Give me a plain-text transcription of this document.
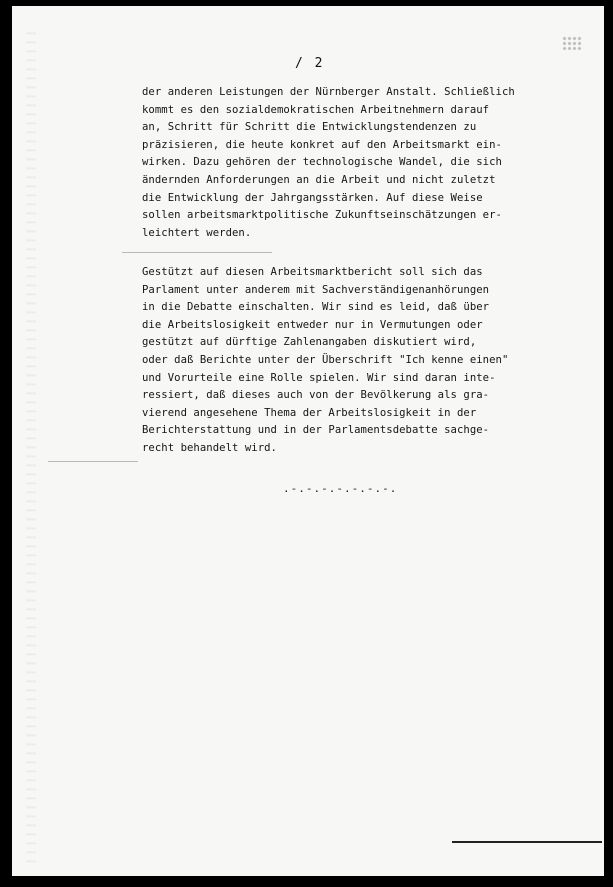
/ 2

der anderen Leistungen der Nürnberger Anstalt. Schließlich
kommt es den sozialdemokratischen Arbeitnehmern darauf
an, Schritt für Schritt die Entwicklungstendenzen zu
präzisieren, die heute konkret auf den Arbeitsmarkt ein-
wirken. Dazu gehören der technologische Wandel, die sich
ändernden Anforderungen an die Arbeit und nicht zuletzt
die Entwicklung der Jahrgangsstärken. Auf diese Weise
sollen arbeitsmarktpolitische Zukunftseinschätzungen er-
leichtert werden.

Gestützt auf diesen Arbeitsmarktbericht soll sich das
Parlament unter anderem mit Sachverständigenanhörungen
in die Debatte einschalten. Wir sind es leid, daß über
die Arbeitslosigkeit entweder nur in Vermutungen oder
gestützt auf dürftige Zahlenangaben diskutiert wird,
oder daß Berichte unter der Überschrift "Ich kenne einen"
und Vorurteile eine Rolle spielen. Wir sind daran inte-
ressiert, daß dieses auch von der Bevölkerung als gra-
vierend angesehene Thema der Arbeitslosigkeit in der
Berichterstattung und in der Parlamentsdebatte sachge-
recht behandelt wird.

.-.-.-.-.-.-.-.
